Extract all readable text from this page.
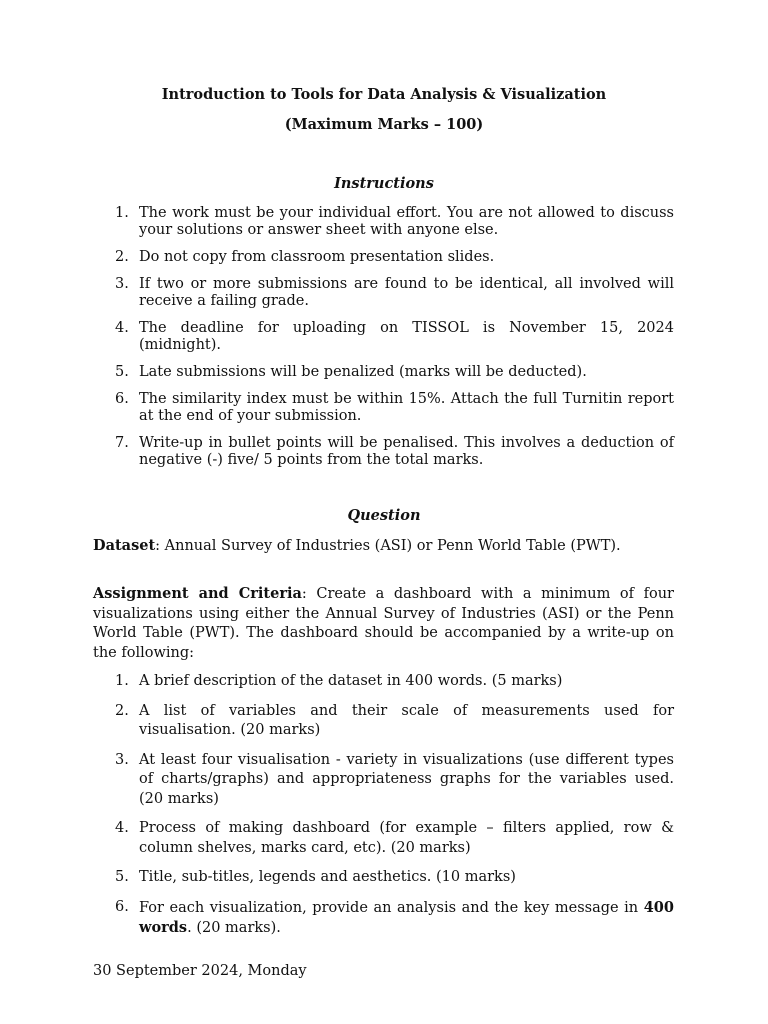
Introduction to Tools for Data Analysis & Visualization
(Maximum Marks – 100)
Instructions
1. The work must be your individual effort. You are not allowed to discuss your solutions or answer sheet with anyone else.
2. Do not copy from classroom presentation slides.
3. If two or more submissions are found to be identical, all involved will receive a failing grade.
4. The deadline for uploading on TISSOL is November 15, 2024 (midnight).
5. Late submissions will be penalized (marks will be deducted).
6. The similarity index must be within 15%. Attach the full Turnitin report at the end of your submission.
7. Write-up in bullet points will be penalised. This involves a deduction of negative (-) five/ 5 points from the total marks.
Question

Dataset: Annual Survey of Industries (ASI) or Penn World Table (PWT).

Assignment and Criteria: Create a dashboard with a minimum of four visualizations using either the Annual Survey of Industries (ASI) or the Penn World Table (PWT). The dashboard should be accompanied by a write-up on the following:

1. A brief description of the dataset in 400 words. (5 marks)
2. A list of variables and their scale of measurements used for visualisation. (20 marks)
3. At least four visualisation - variety in visualizations (use different types of charts/graphs) and appropriateness graphs for the variables used. (20 marks)
4. Process of making dashboard (for example – filters applied, row & column shelves, marks card, etc). (20 marks)
5. Title, sub-titles, legends and aesthetics. (10 marks)
6. For each visualization, provide an analysis and the key message in 400 words. (20 marks).
30 September 2024, Monday
